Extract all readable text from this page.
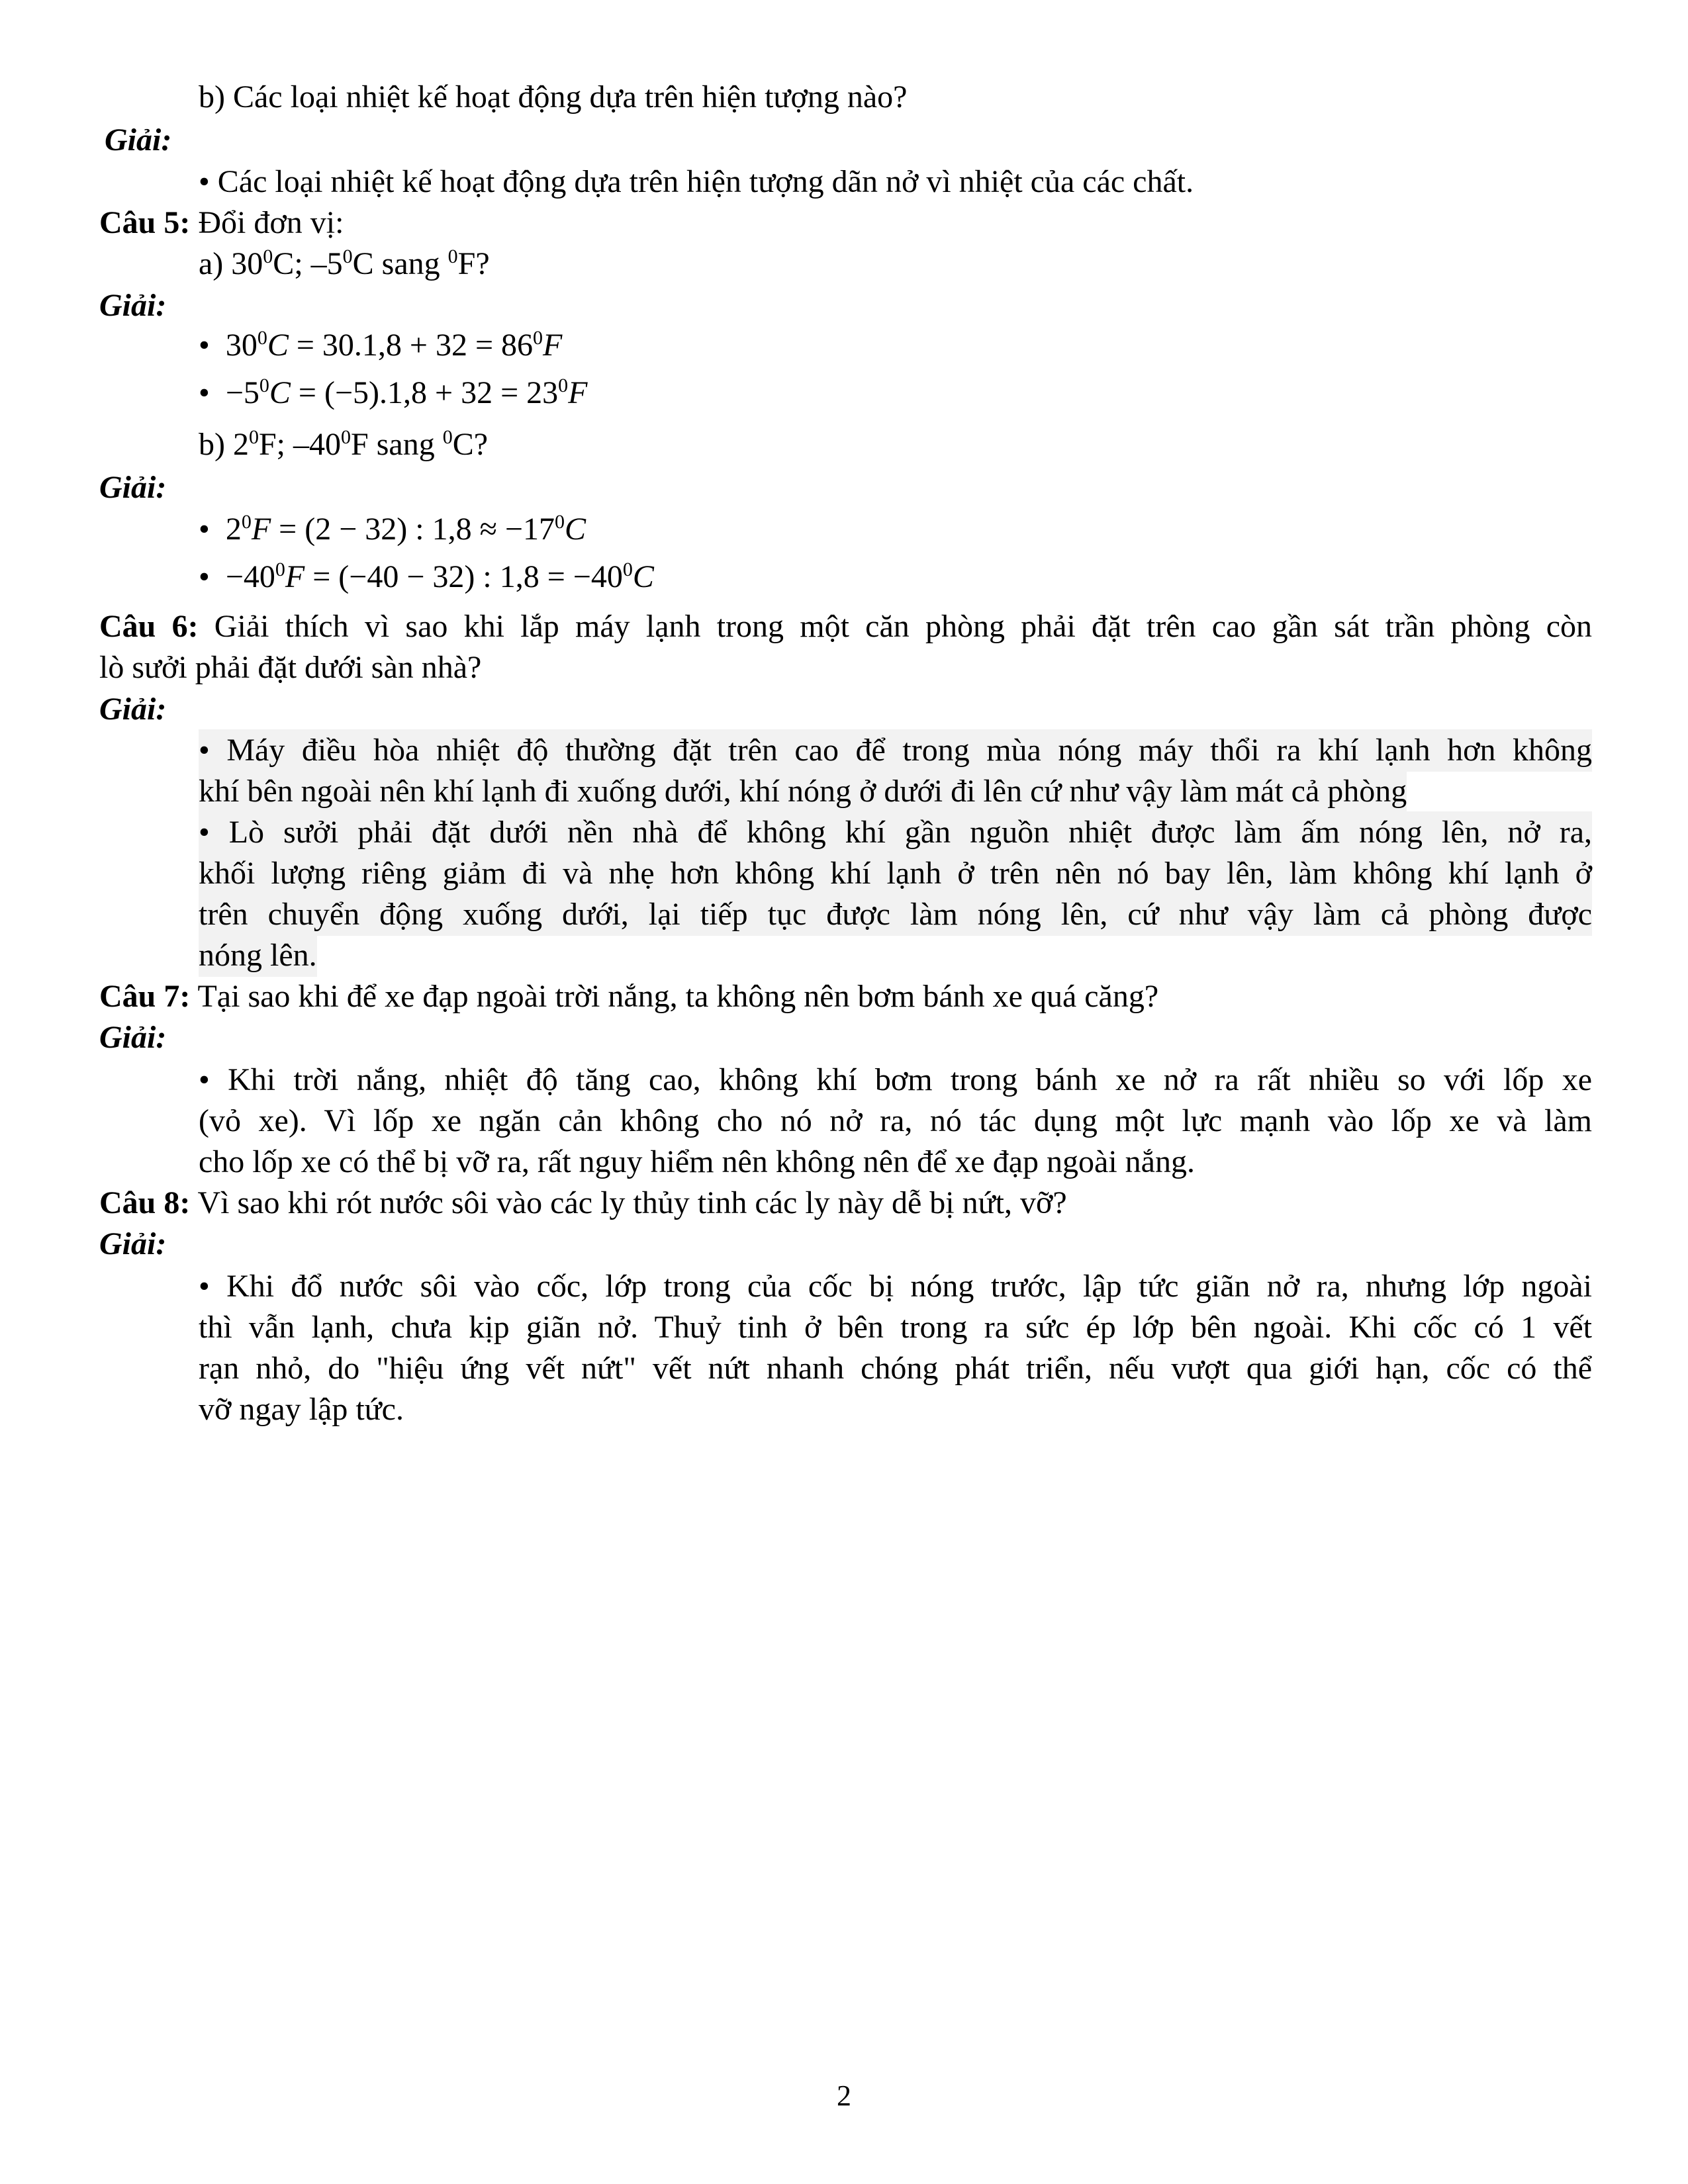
b) Các loại nhiệt kế hoạt động dựa trên hiện tượng nào?
Giải:
• Các loại nhiệt kế hoạt động dựa trên hiện tượng dãn nở vì nhiệt của các chất.
Câu 5: Đổi đơn vị:
a) $30^0C$; $-5^0C$ sang $^0$F?
Giải:
•  $30^0C = 30.1,8 + 32 = 86^0F$
•  $-5^0C = (-5).1,8 + 32 = 23^0F$
b) $2^0F$; $-40^0F$ sang $^0$C?
Giải:
•  $2^0F = (2 - 32)$ : $1,8 \approx -17^0C$
•  $-40^0F = (-40 - 32)$ : $1,8 = -40^0C$
Câu 6: Giải thích vì sao khi lắp máy lạnh trong một căn phòng phải đặt trên cao gần sát trần phòng còn
lò sưởi phải đặt dưới sàn nhà?
Giải:
• Máy điều hòa nhiệt độ thường đặt trên cao để trong mùa nóng máy thổi ra khí lạnh hơn không
khí bên ngoài nên khí lạnh đi xuống dưới, khí nóng ở dưới đi lên cứ như vậy làm mát cả phòng
• Lò sưởi phải đặt dưới nền nhà để không khí gần nguồn nhiệt được làm ấm nóng lên, nở ra,
khối lượng riêng giảm đi và nhẹ hơn không khí lạnh ở trên nên nó bay lên, làm không khí lạnh ở
trên chuyển động xuống dưới, lại tiếp tục được làm nóng lên, cứ như vậy làm cả phòng được
nóng lên.
Câu 7: Tại sao khi để xe đạp ngoài trời nắng, ta không nên bơm bánh xe quá căng?
Giải:
• Khi trời nắng, nhiệt độ tăng cao, không khí bơm trong bánh xe nở ra rất nhiều so với lốp xe
(vỏ xe). Vì lốp xe ngăn cản không cho nó nở ra, nó tác dụng một lực mạnh vào lốp xe và làm
cho lốp xe có thể bị vỡ ra, rất nguy hiểm nên không nên để xe đạp ngoài nắng.
Câu 8: Vì sao khi rót nước sôi vào các ly thủy tinh các ly này dễ bị nứt, vỡ?
Giải:
• Khi đổ nước sôi vào cốc, lớp trong của cốc bị nóng trước, lập tức giãn nở ra, nhưng lớp ngoài
thì vẫn lạnh, chưa kịp giãn nở. Thuỷ tinh ở bên trong ra sức ép lớp bên ngoài. Khi cốc có 1 vết
rạn nhỏ, do "hiệu ứng vết nứt" vết nứt nhanh chóng phát triển, nếu vượt qua giới hạn, cốc có thể
vỡ ngay lập tức.
2
